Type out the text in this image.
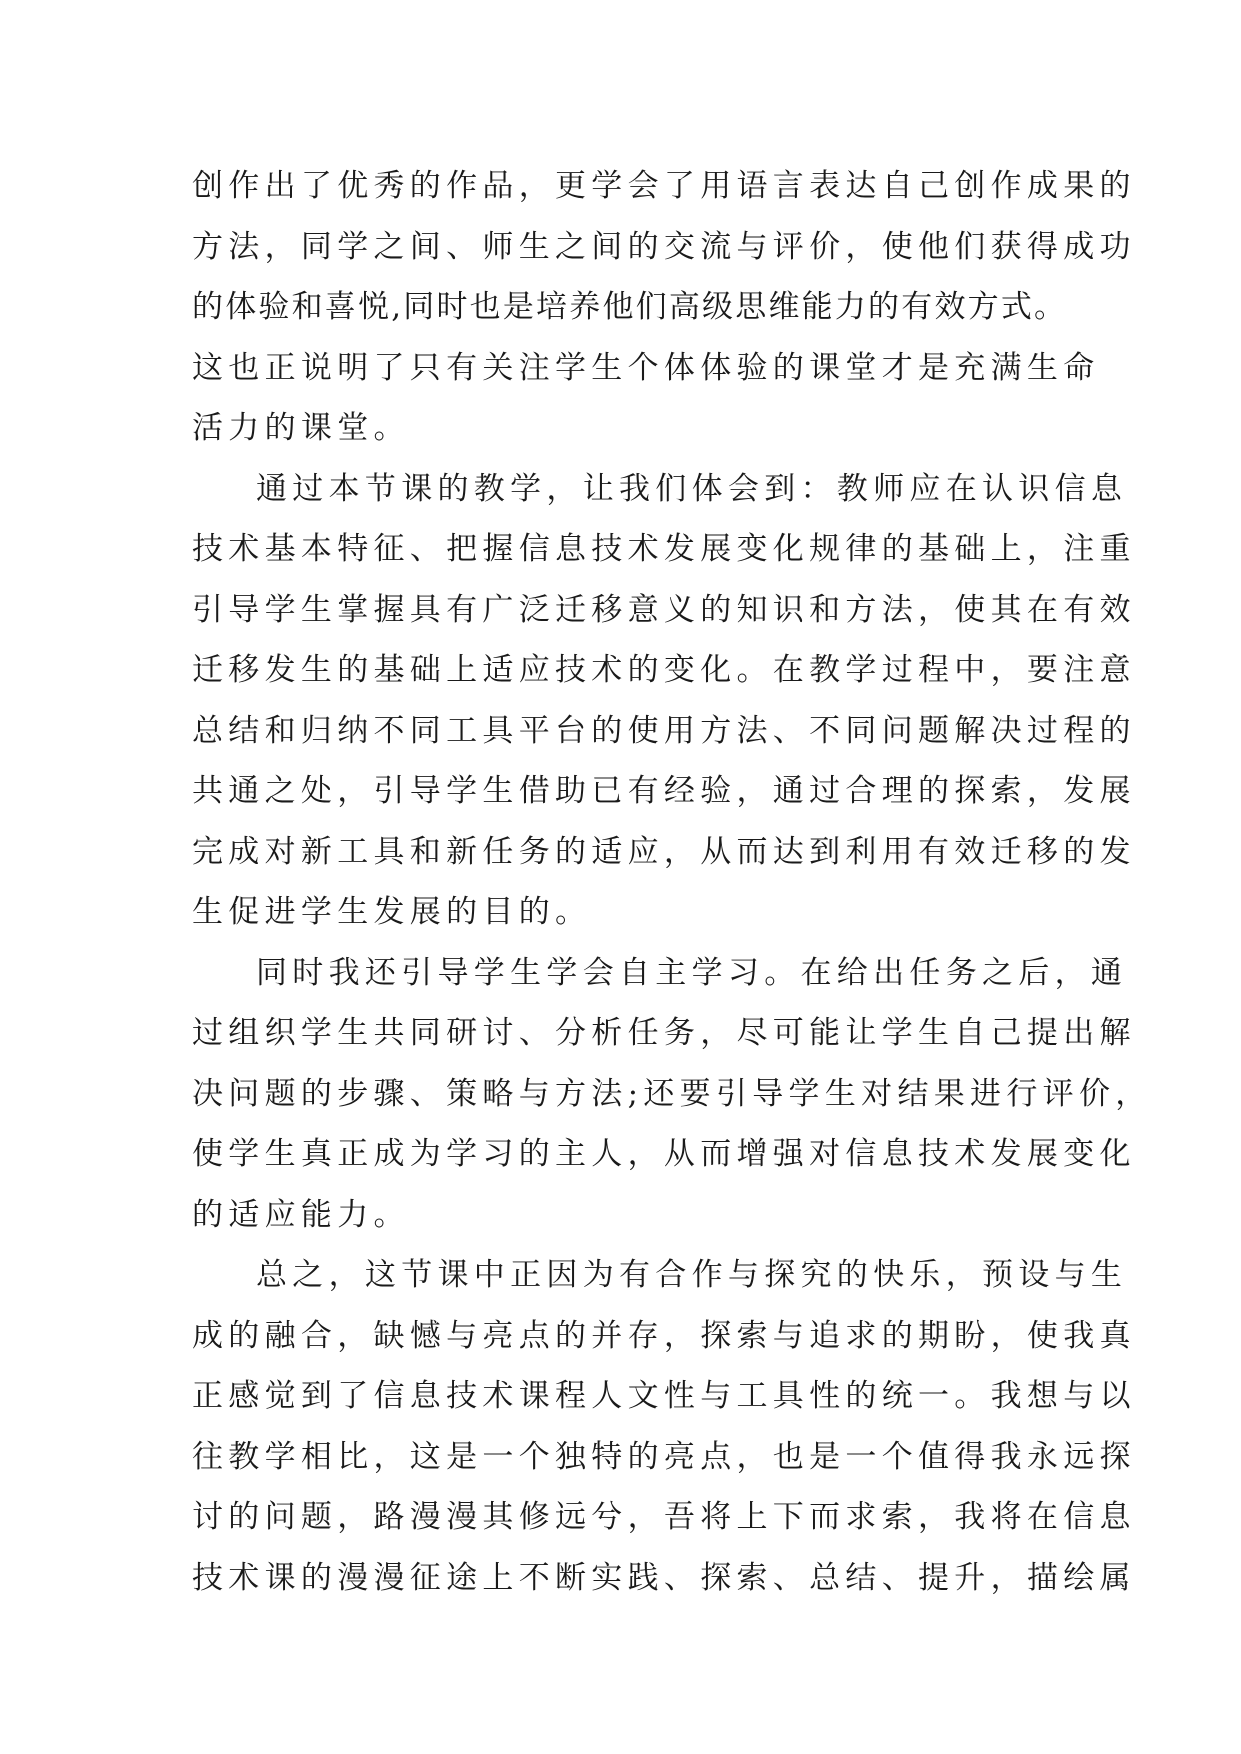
创作出了优秀的作品，更学会了用语言表达自己创作成果的
方法，同学之间、师生之间的交流与评价，使他们获得成功
的体验和喜悦,同时也是培养他们高级思维能力的有效方式。
这也正说明了只有关注学生个体体验的课堂才是充满生命
活力的课堂。
通过本节课的教学，让我们体会到：教师应在认识信息
技术基本特征、把握信息技术发展变化规律的基础上，注重
引导学生掌握具有广泛迁移意义的知识和方法，使其在有效
迁移发生的基础上适应技术的变化。在教学过程中，要注意
总结和归纳不同工具平台的使用方法、不同问题解决过程的
共通之处，引导学生借助已有经验，通过合理的探索，发展
完成对新工具和新任务的适应，从而达到利用有效迁移的发
生促进学生发展的目的。
同时我还引导学生学会自主学习。在给出任务之后，通
过组织学生共同研讨、分析任务，尽可能让学生自己提出解
决问题的步骤、策略与方法;还要引导学生对结果进行评价，
使学生真正成为学习的主人，从而增强对信息技术发展变化
的适应能力。
总之，这节课中正因为有合作与探究的快乐，预设与生
成的融合，缺憾与亮点的并存，探索与追求的期盼，使我真
正感觉到了信息技术课程人文性与工具性的统一。我想与以
往教学相比，这是一个独特的亮点，也是一个值得我永远探
讨的问题，路漫漫其修远兮，吾将上下而求索，我将在信息
技术课的漫漫征途上不断实践、探索、总结、提升，描绘属
